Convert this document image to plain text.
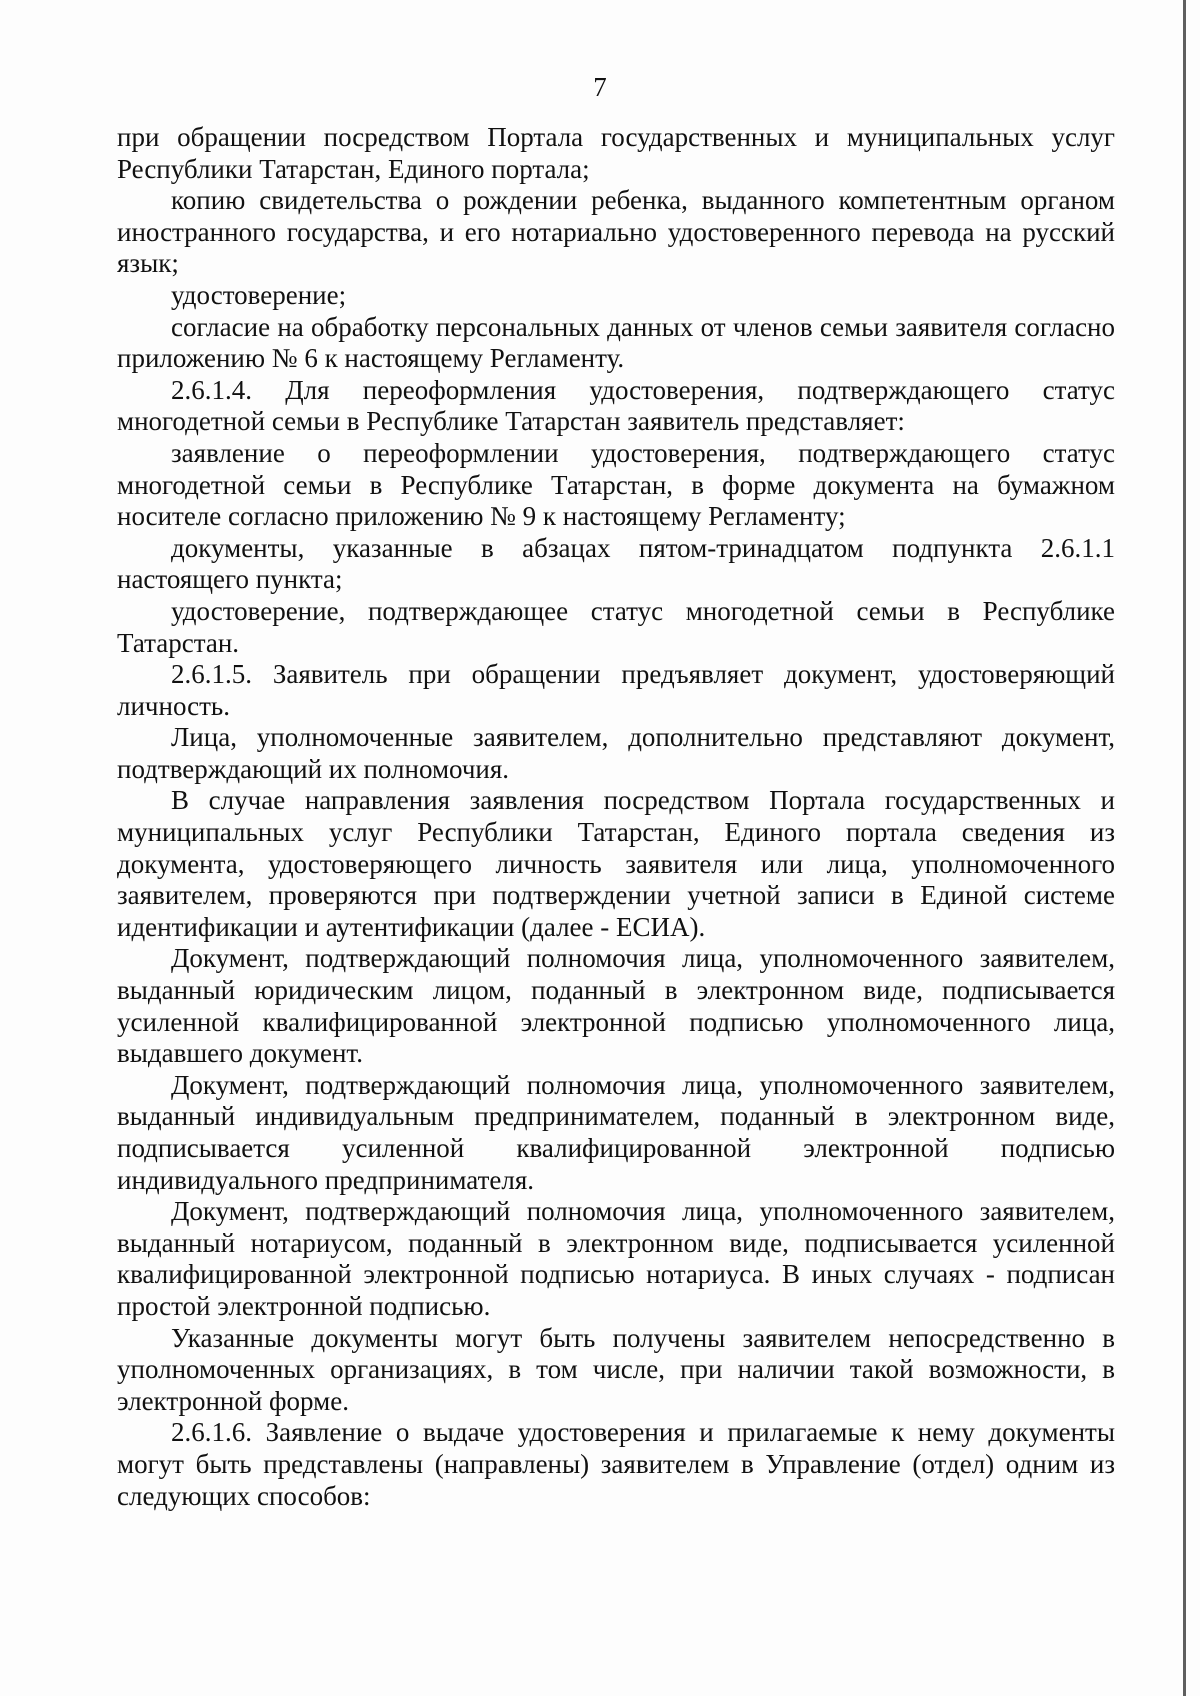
7

при обращении посредством Портала государственных и муниципальных услуг Республики Татарстан, Единого портала;

копию свидетельства о рождении ребенка, выданного компетентным органом иностранного государства, и его нотариально удостоверенного перевода на русский язык;

удостоверение;

согласие на обработку персональных данных от членов семьи заявителя согласно приложению № 6 к настоящему Регламенту.

2.6.1.4. Для переоформления удостоверения, подтверждающего статус многодетной семьи в Республике Татарстан заявитель представляет:

заявление о переоформлении удостоверения, подтверждающего статус многодетной семьи в Республике Татарстан, в форме документа на бумажном носителе согласно приложению № 9 к настоящему Регламенту;

документы, указанные в абзацах пятом-тринадцатом подпункта 2.6.1.1 настоящего пункта;

удостоверение, подтверждающее статус многодетной семьи в Республике Татарстан.

2.6.1.5. Заявитель при обращении предъявляет документ, удостоверяющий личность.

Лица, уполномоченные заявителем, дополнительно представляют документ, подтверждающий их полномочия.

В случае направления заявления посредством Портала государственных и муниципальных услуг Республики Татарстан, Единого портала сведения из документа, удостоверяющего личность заявителя или лица, уполномоченного заявителем, проверяются при подтверждении учетной записи в Единой системе идентификации и аутентификации (далее - ЕСИА).

Документ, подтверждающий полномочия лица, уполномоченного заявителем, выданный юридическим лицом, поданный в электронном виде, подписывается усиленной квалифицированной электронной подписью уполномоченного лица, выдавшего документ.

Документ, подтверждающий полномочия лица, уполномоченного заявителем, выданный индивидуальным предпринимателем, поданный в электронном виде, подписывается усиленной квалифицированной электронной подписью индивидуального предпринимателя.

Документ, подтверждающий полномочия лица, уполномоченного заявителем, выданный нотариусом, поданный в электронном виде, подписывается усиленной квалифицированной электронной подписью нотариуса. В иных случаях - подписан простой электронной подписью.

Указанные документы могут быть получены заявителем непосредственно в уполномоченных организациях, в том числе, при наличии такой возможности, в электронной форме.

2.6.1.6. Заявление о выдаче удостоверения и прилагаемые к нему документы могут быть представлены (направлены) заявителем в Управление (отдел) одним из следующих способов:
